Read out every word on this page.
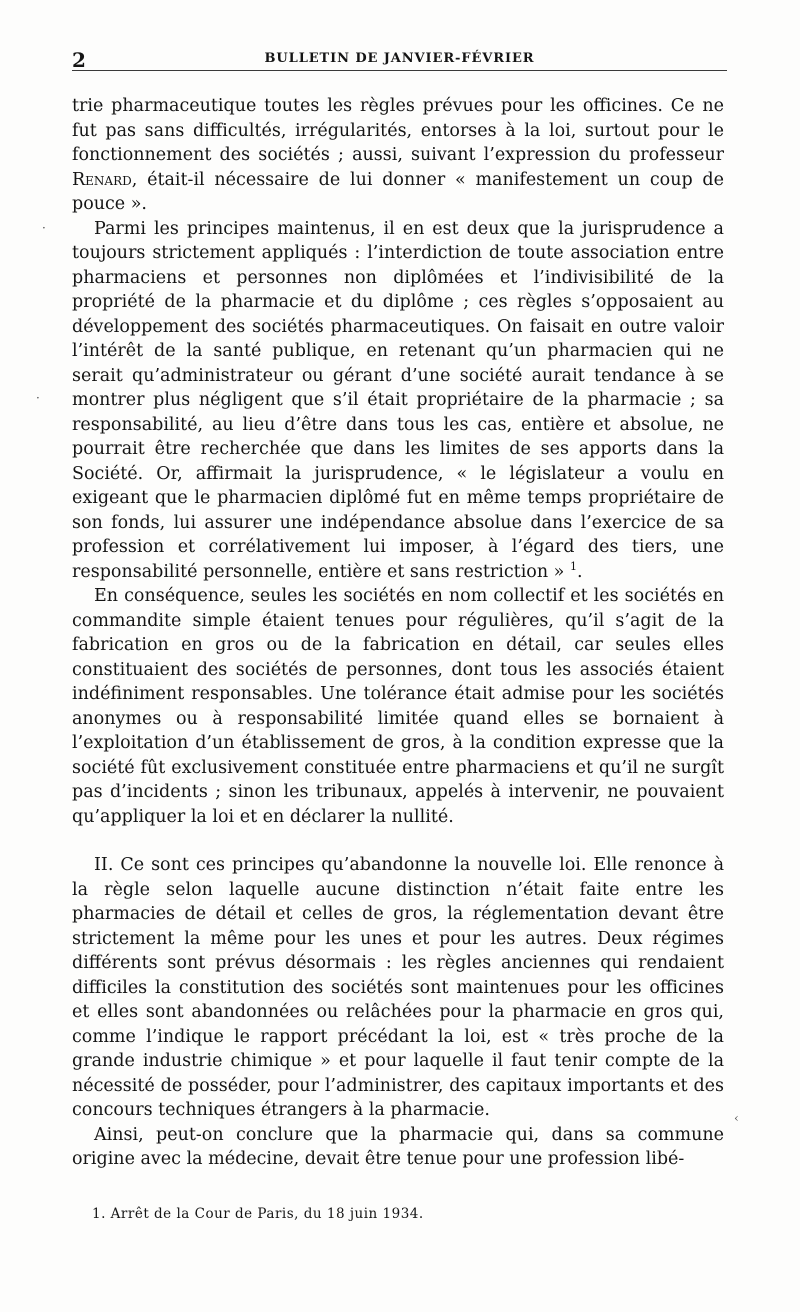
2	BULLETIN DE JANVIER-FÉVRIER

trie pharmaceutique toutes les règles prévues pour les officines. Ce ne fut pas sans difficultés, irrégularités, entorses à la loi, surtout pour le fonctionnement des sociétés ; aussi, suivant l’expression du professeur Renard, était-il nécessaire de lui donner « manifestement un coup de pouce ».

Parmi les principes maintenus, il en est deux que la jurisprudence a toujours strictement appliqués : l’interdiction de toute association entre pharmaciens et personnes non diplômées et l’indivisibilité de la propriété de la pharmacie et du diplôme ; ces règles s’opposaient au développement des sociétés pharmaceutiques. On faisait en outre valoir l’intérêt de la santé publique, en retenant qu’un pharmacien qui ne serait qu’administrateur ou gérant d’une société aurait tendance à se montrer plus négligent que s’il était propriétaire de la pharmacie ; sa responsabilité, au lieu d’être dans tous les cas, entière et absolue, ne pourrait être recherchée que dans les limites de ses apports dans la Société. Or, affirmait la jurisprudence, « le législateur a voulu en exigeant que le pharmacien diplômé fut en même temps propriétaire de son fonds, lui assurer une indépendance absolue dans l’exercice de sa profession et corrélativement lui imposer, à l’égard des tiers, une responsabilité personnelle, entière et sans restriction » $^1$.

En conséquence, seules les sociétés en nom collectif et les sociétés en commandite simple étaient tenues pour régulières, qu’il s’agit de la fabrication en gros ou de la fabrication en détail, car seules elles constituaient des sociétés de personnes, dont tous les associés étaient indéfiniment responsables. Une tolérance était admise pour les sociétés anonymes ou à responsabilité limitée quand elles se bornaient à l’exploitation d’un établissement de gros, à la condition expresse que la société fût exclusivement constituée entre pharmaciens et qu’il ne surgît pas d’incidents ; sinon les tribunaux, appelés à intervenir, ne pouvaient qu’appliquer la loi et en déclarer la nullité.

II. Ce sont ces principes qu’abandonne la nouvelle loi. Elle renonce à la règle selon laquelle aucune distinction n’était faite entre les pharmacies de détail et celles de gros, la réglementation devant être strictement la même pour les unes et pour les autres. Deux régimes différents sont prévus désormais : les règles anciennes qui rendaient difficiles la constitution des sociétés sont maintenues pour les officines et elles sont abandonnées ou relâchées pour la pharmacie en gros qui, comme l’indique le rapport précédant la loi, est « très proche de la grande industrie chimique » et pour laquelle il faut tenir compte de la nécessité de posséder, pour l’administrer, des capitaux importants et des concours techniques étrangers à la pharmacie.

Ainsi, peut-on conclure que la pharmacie qui, dans sa commune origine avec la médecine, devait être tenue pour une profession libé-

1. Arrêt de la Cour de Paris, du 18 juin 1934.
·
·
‹
